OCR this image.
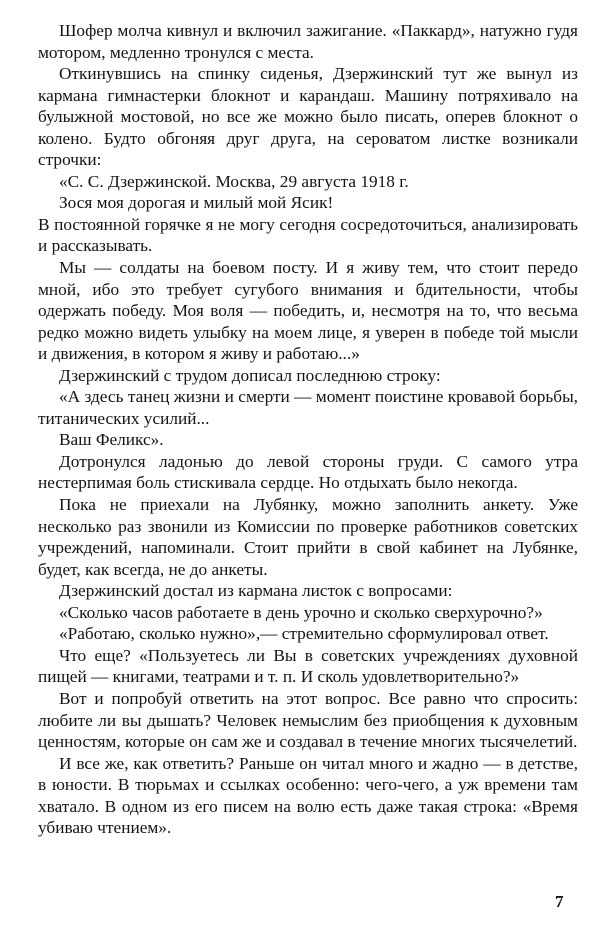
Шофер молча кивнул и включил зажигание. «Паккард», натужно гудя мотором, медленно тронулся с места.

Откинувшись на спинку сиденья, Дзержинский тут же вынул из кармана гимнастерки блокнот и карандаш. Машину потряхивало на булыжной мостовой, но все же можно было писать, оперев блокнот о колено. Будто обгоняя друг друга, на сероватом листке возникали строчки:

«С. С. Дзержинской. Москва, 29 августа 1918 г.

Зося моя дорогая и милый мой Ясик!

В постоянной горячке я не могу сегодня сосредоточиться, анализировать и рассказывать.

Мы — солдаты на боевом посту. И я живу тем, что стоит передо мной, ибо это требует сугубого внимания и бдительности, чтобы одержать победу. Моя воля — победить, и, несмотря на то, что весьма редко можно видеть улыбку на моем лице, я уверен в победе той мысли и движения, в котором я живу и работаю...»

Дзержинский с трудом дописал последнюю строку:

«А здесь танец жизни и смерти — момент поистине кровавой борьбы, титанических усилий...

Ваш Феликс».

Дотронулся ладонью до левой стороны груди. С самого утра нестерпимая боль стискивала сердце. Но отдыхать было некогда.

Пока не приехали на Лубянку, можно заполнить анкету. Уже несколько раз звонили из Комиссии по проверке работников советских учреждений, напоминали. Стоит прийти в свой кабинет на Лубянке, будет, как всегда, не до анкеты.

Дзержинский достал из кармана листок с вопросами:

«Сколько часов работаете в день урочно и сколько сверхурочно?»

«Работаю, сколько нужно»,— стремительно сформулировал ответ.

Что еще? «Пользуетесь ли Вы в советских учреждениях духовной пищей — книгами, театрами и т. п. И сколь удовлетворительно?»

Вот и попробуй ответить на этот вопрос. Все равно что спросить: любите ли вы дышать? Человек немыслим без приобщения к духовным ценностям, которые он сам же и создавал в течение многих тысячелетий.

И все же, как ответить? Раньше он читал много и жадно — в детстве, в юности. В тюрьмах и ссылках особенно: чего-чего, а уж времени там хватало. В одном из его писем на волю есть даже такая строка: «Время убиваю чтением».

7
